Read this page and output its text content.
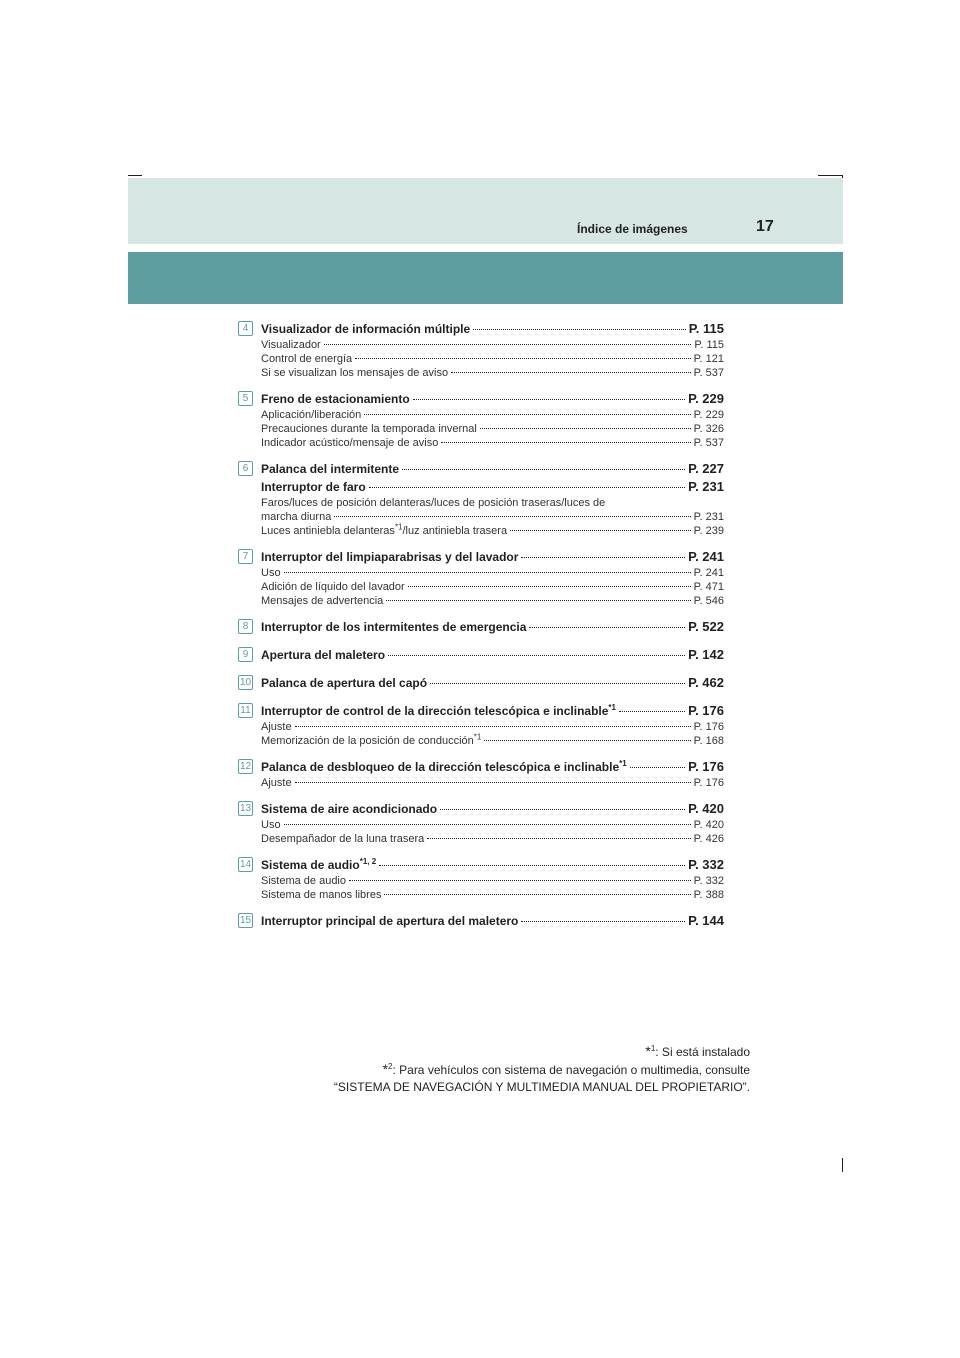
Índice de imágenes	17
4	Visualizador de información múltiple	P. 115
Visualizador	P. 115
Control de energía	P. 121
Si se visualizan los mensajes de aviso	P. 537
5	Freno de estacionamiento	P. 229
Aplicación/liberación	P. 229
Precauciones durante la temporada invernal	P. 326
Indicador acústico/mensaje de aviso	P. 537
6	Palanca del intermitente	P. 227
Interruptor de faro	P. 231
Faros/luces de posición delanteras/luces de posición traseras/luces de
marcha diurna	P. 231
Luces antiniebla delanteras$^{*1}$/luz antiniebla trasera	P. 239
7	Interruptor del limpiaparabrisas y del lavador	P. 241
Uso	P. 241
Adición de líquido del lavador	P. 471
Mensajes de advertencia	P. 546
8	Interruptor de los intermitentes de emergencia	P. 522
9	Apertura del maletero	P. 142
10 Palanca de apertura del capó	P. 462
11 Interruptor de control de la dirección telescópica e inclinable$^{*1}$	P. 176
Ajuste	P. 176
Memorización de la posición de conducción$^{*1}$	P. 168
12 Palanca de desbloqueo de la dirección telescópica e inclinable$^{*1}$	P. 176
Ajuste	P. 176
13 Sistema de aire acondicionado	P. 420
Uso	P. 420
Desempañador de la luna trasera	P. 426
14 Sistema de audio$^{*1, 2}$	P. 332
Sistema de audio	P. 332
Sistema de manos libres	P. 388
15 Interruptor principal de apertura del maletero	P. 144
*$^1$: Si está instalado
*$^2$: Para vehículos con sistema de navegación o multimedia, consulte
“SISTEMA DE NAVEGACIÓN Y MULTIMEDIA MANUAL DEL PROPIETARIO”.
